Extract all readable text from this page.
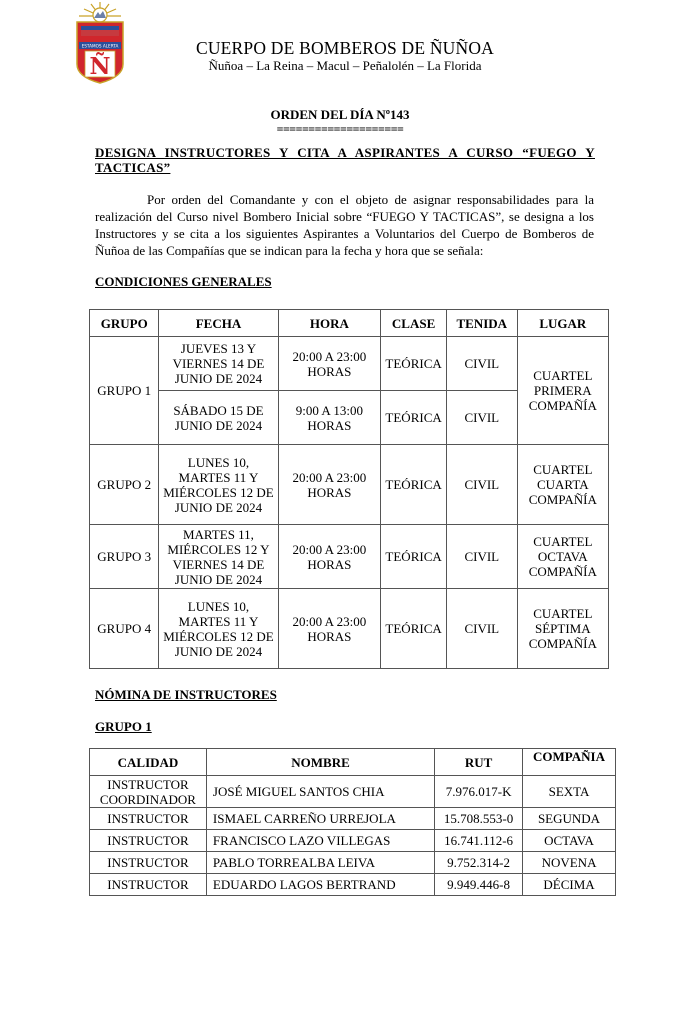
ESTAMOS ALERTA
Ñ
CUERPO DE BOMBEROS DE ÑUÑOA
Ñuñoa – La Reina – Macul – Peñalolén – La Florida
ORDEN DEL DÍA Nº143
====================
DESIGNA INSTRUCTORES Y CITA A ASPIRANTES A CURSO “FUEGO Y TACTICAS”
Por orden del Comandante y con el objeto de asignar responsabilidades para la realización del Curso nivel Bombero Inicial sobre “FUEGO Y TACTICAS”, se designa a los Instructores y se cita a los siguientes Aspirantes a Voluntarios del Cuerpo de Bomberos de Ñuñoa de las Compañías que se indican para la fecha y hora que se señala:
CONDICIONES GENERALES
GRUPO	FECHA	HORA	CLASE	TENIDA	LUGAR
GRUPO 1	JUEVES 13 Y VIERNES 14 DE JUNIO DE 2024	20:00 A 23:00 HORAS	TEÓRICA	CIVIL	CUARTEL PRIMERA COMPAÑÍA
	SÁBADO 15 DE JUNIO DE 2024	9:00 A 13:00 HORAS	TEÓRICA	CIVIL	
GRUPO 2	LUNES 10, MARTES 11 Y MIÉRCOLES 12 DE JUNIO DE 2024	20:00 A 23:00 HORAS	TEÓRICA	CIVIL	CUARTEL CUARTA COMPAÑÍA
GRUPO 3	MARTES 11, MIÉRCOLES 12 Y VIERNES 14 DE JUNIO DE 2024	20:00 A 23:00 HORAS	TEÓRICA	CIVIL	CUARTEL OCTAVA COMPAÑÍA
GRUPO 4	LUNES 10, MARTES 11 Y MIÉRCOLES 12 DE JUNIO DE 2024	20:00 A 23:00 HORAS	TEÓRICA	CIVIL	CUARTEL SÉPTIMA COMPAÑÍA
NÓMINA DE INSTRUCTORES
GRUPO 1
CALIDAD	NOMBRE	RUT	COMPAÑIA
INSTRUCTOR COORDINADOR	JOSÉ MIGUEL SANTOS CHIA	7.976.017-K	SEXTA
INSTRUCTOR	ISMAEL CARREÑO URREJOLA	15.708.553-0	SEGUNDA
INSTRUCTOR	FRANCISCO LAZO VILLEGAS	16.741.112-6	OCTAVA
INSTRUCTOR	PABLO TORREALBA LEIVA	9.752.314-2	NOVENA
INSTRUCTOR	EDUARDO LAGOS BERTRAND	9.949.446-8	DÉCIMA
